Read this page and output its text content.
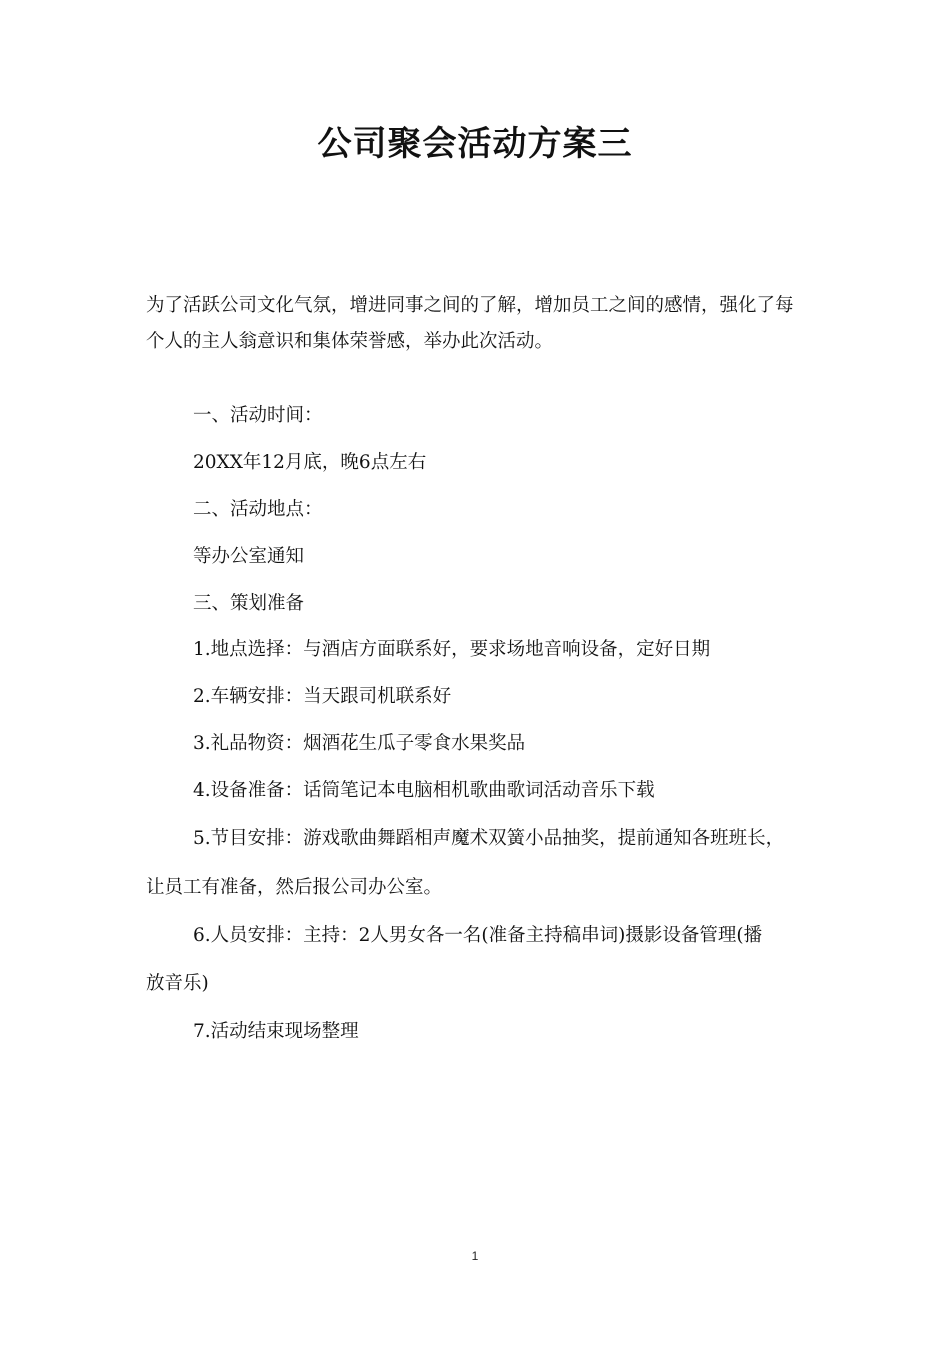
公司聚会活动方案三

为了活跃公司文化气氛，增进同事之间的了解，增加员工之间的感情，强化了每个人的主人翁意识和集体荣誉感，举办此次活动。

一、活动时间：

20XX年12月底，晚6点左右

二、活动地点：

等办公室通知

三、策划准备

1.地点选择：与酒店方面联系好，要求场地音响设备，定好日期

2.车辆安排：当天跟司机联系好

3.礼品物资：烟酒花生瓜子零食水果奖品

4.设备准备：话筒笔记本电脑相机歌曲歌词活动音乐下载

5.节目安排：游戏歌曲舞蹈相声魔术双簧小品抽奖，提前通知各班班长，

让员工有准备，然后报公司办公室。

6.人员安排：主持：2人男女各一名(准备主持稿串词)摄影设备管理(播

放音乐)

7.活动结束现场整理

1
